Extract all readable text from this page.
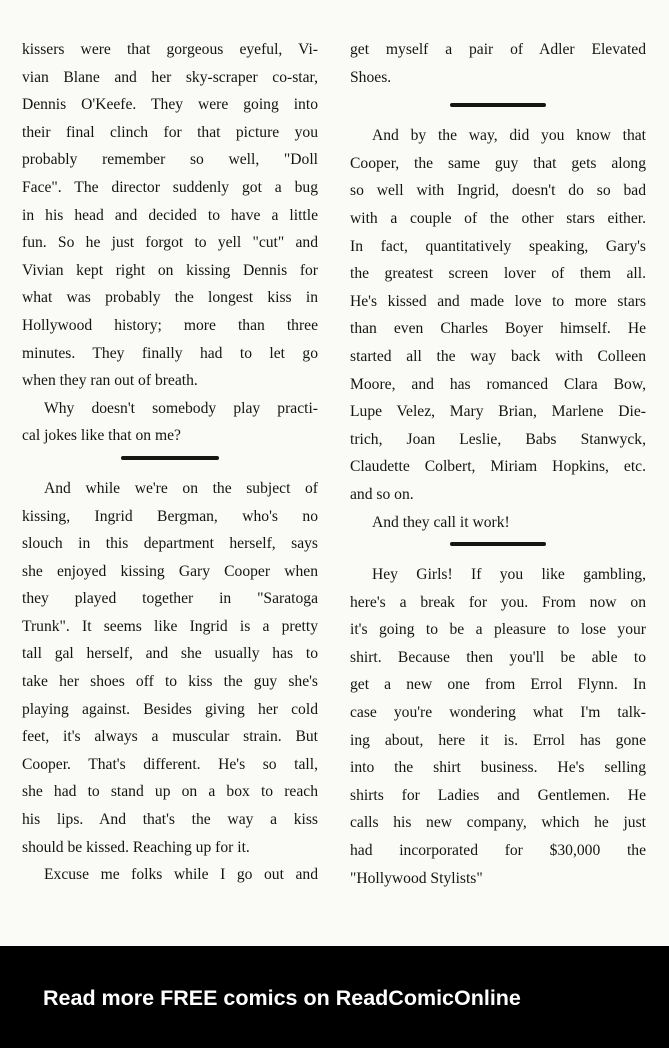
kissers were that gorgeous eyeful, Vi-

vian Blane and her sky-scraper co-star,

Dennis O'Keefe. They were going into

their final clinch for that picture you

probably remember so well, "Doll

Face". The director suddenly got a bug

in his head and decided to have a little

fun. So he just forgot to yell "cut" and

Vivian kept right on kissing Dennis for

what was probably the longest kiss in

Hollywood history; more than three

minutes. They finally had to let go

when they ran out of breath.

Why doesn't somebody play practi-

cal jokes like that on me?

And while we're on the subject of

kissing, Ingrid Bergman, who's no

slouch in this department herself, says

she enjoyed kissing Gary Cooper when

they played together in "Saratoga

Trunk". It seems like Ingrid is a pretty

tall gal herself, and she usually has to

take her shoes off to kiss the guy she's

playing against. Besides giving her cold

feet, it's always a muscular strain. But

Cooper. That's different. He's so tall,

she had to stand up on a box to reach

his lips. And that's the way a kiss

should be kissed. Reaching up for it.

Excuse me folks while I go out and

get myself a pair of Adler Elevated

Shoes.

And by the way, did you know that

Cooper, the same guy that gets along

so well with Ingrid, doesn't do so bad

with a couple of the other stars either.

In fact, quantitatively speaking, Gary's

the greatest screen lover of them all.

He's kissed and made love to more stars

than even Charles Boyer himself. He

started all the way back with Colleen

Moore, and has romanced Clara Bow,

Lupe Velez, Mary Brian, Marlene Die-

trich, Joan Leslie, Babs Stanwyck,

Claudette Colbert, Miriam Hopkins, etc.

and so on.

And they call it work!

Hey Girls! If you like gambling,

here's a break for you. From now on

it's going to be a pleasure to lose your

shirt. Because then you'll be able to

get a new one from Errol Flynn. In

case you're wondering what I'm talk-

ing about, here it is. Errol has gone

into the shirt business. He's selling

shirts for Ladies and Gentlemen. He

calls his new company, which he just

had incorporated for $30,000 the

"Hollywood Stylists"

Read more FREE comics on ReadComicOnline
